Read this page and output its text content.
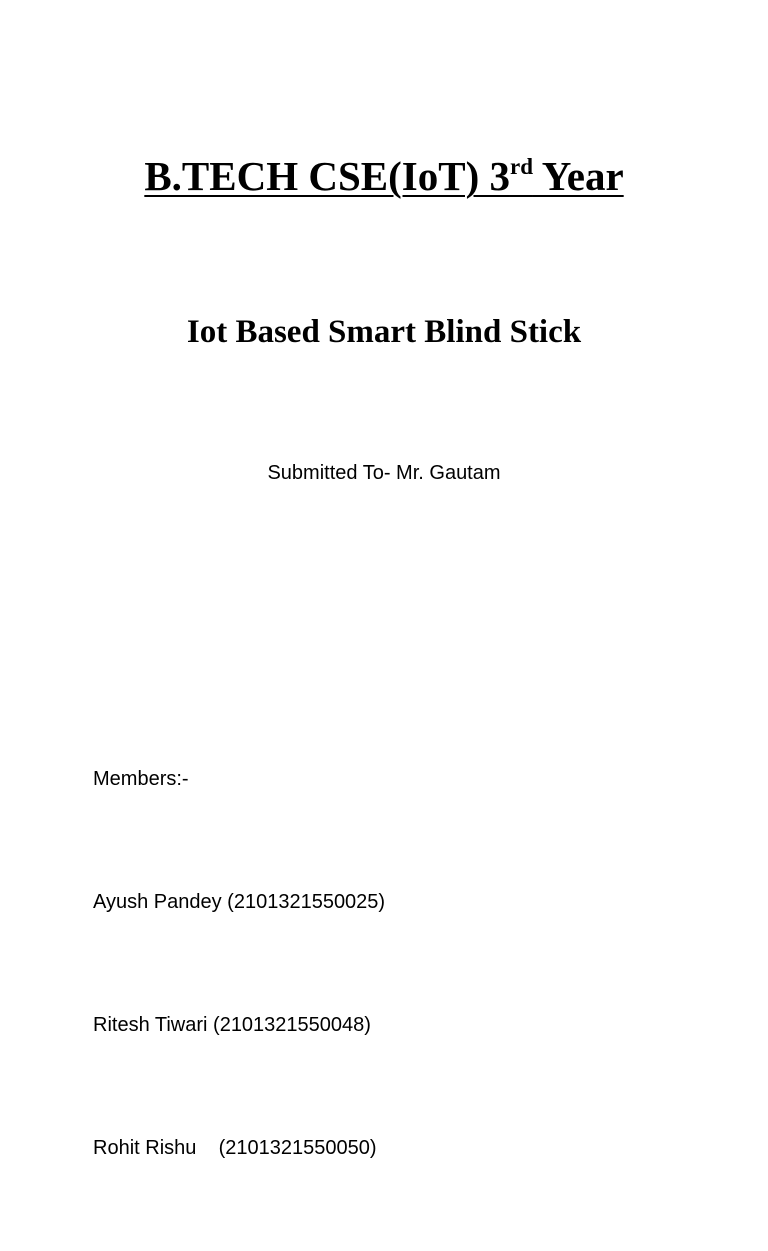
B.TECH CSE(IoT) 3rd Year
Iot Based Smart Blind Stick
Submitted To- Mr. Gautam

Members:-

Ayush Pandey (2101321550025)

Ritesh Tiwari (2101321550048)

Rohit Rishu    (2101321550050)
